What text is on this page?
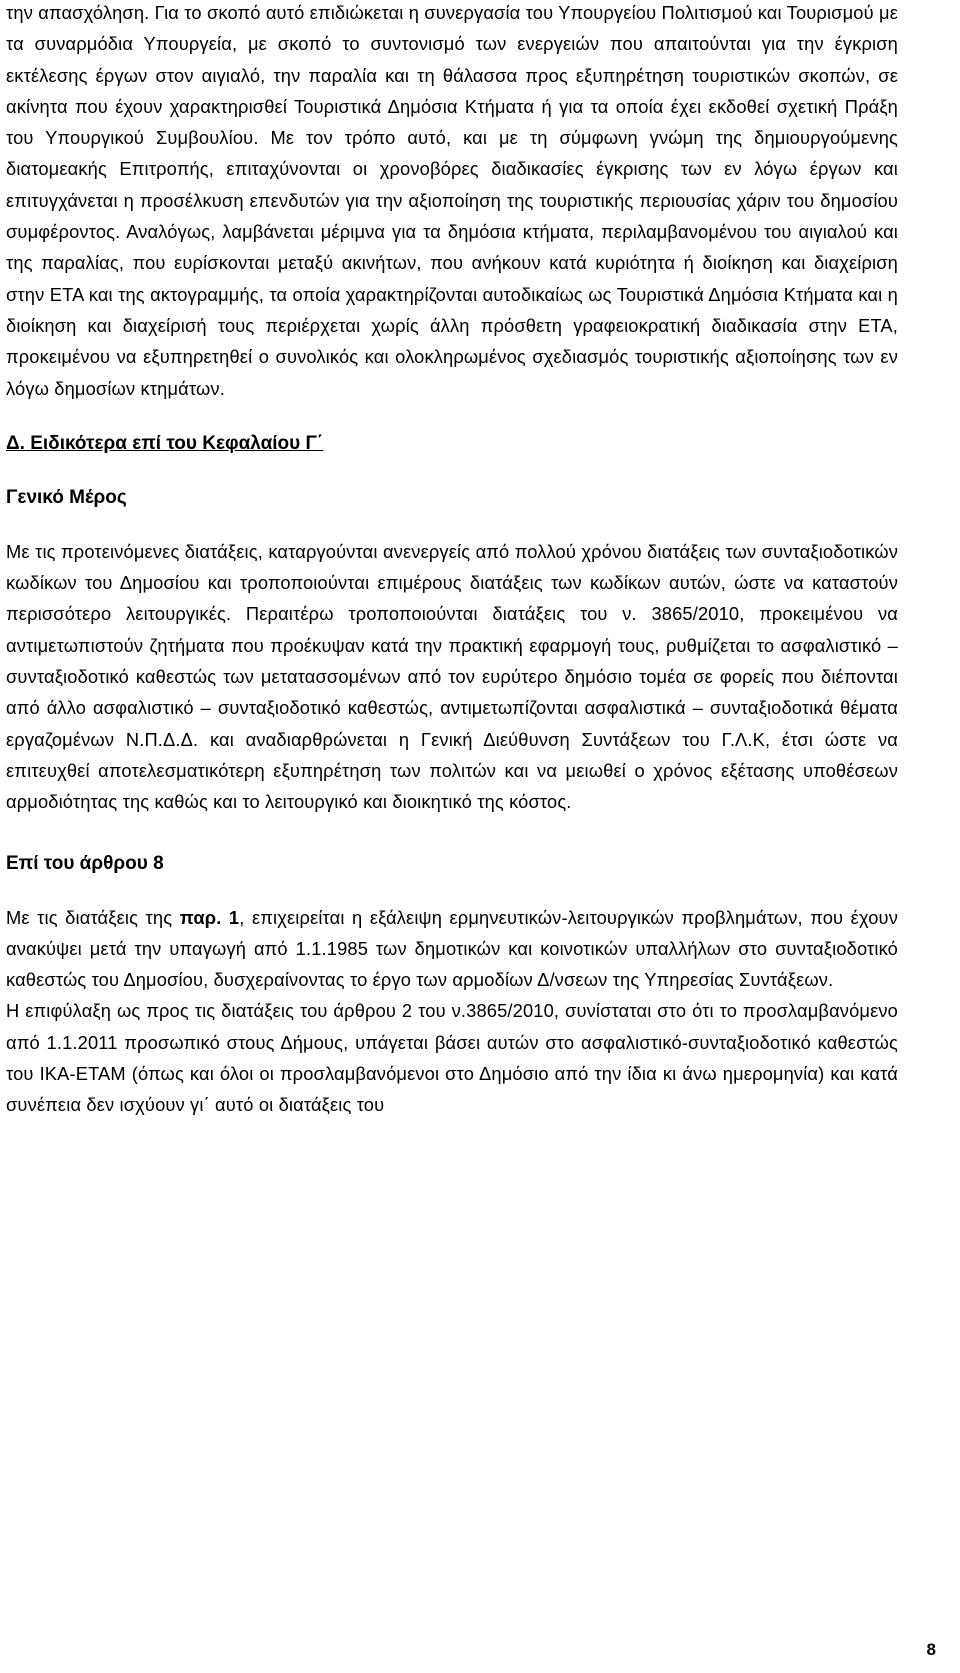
την απασχόληση. Για το σκοπό αυτό επιδιώκεται η συνεργασία του Υπουργείου Πολιτισμού και Τουρισμού με τα συναρμόδια Υπουργεία, με σκοπό το συντονισμό των ενεργειών που απαιτούνται για την έγκριση εκτέλεσης έργων στον αιγιαλό, την παραλία και τη θάλασσα προς εξυπηρέτηση τουριστικών σκοπών, σε ακίνητα που έχουν χαρακτηρισθεί Τουριστικά Δημόσια Κτήματα ή για τα οποία έχει εκδοθεί σχετική Πράξη του Υπουργικού Συμβουλίου. Με τον τρόπο αυτό, και με τη σύμφωνη γνώμη της δημιουργούμενης διατομεακής Επιτροπής, επιταχύνονται οι χρονοβόρες διαδικασίες έγκρισης των εν λόγω έργων και επιτυγχάνεται η προσέλκυση επενδυτών για την αξιοποίηση της τουριστικής περιουσίας χάριν του δημοσίου συμφέροντος. Αναλόγως, λαμβάνεται μέριμνα για τα δημόσια κτήματα, περιλαμβανομένου του αιγιαλού και της παραλίας, που ευρίσκονται μεταξύ ακινήτων, που ανήκουν κατά κυριότητα ή διοίκηση και διαχείριση στην ΕΤΑ και της ακτογραμμής, τα οποία χαρακτηρίζονται αυτοδικαίως ως Τουριστικά Δημόσια Κτήματα και η διοίκηση και διαχείρισή τους περιέρχεται χωρίς άλλη πρόσθετη γραφειοκρατική διαδικασία στην ΕΤΑ, προκειμένου να εξυπηρετηθεί ο συνολικός και ολοκληρωμένος σχεδιασμός τουριστικής αξιοποίησης των εν λόγω δημοσίων κτημάτων.

Δ. Ειδικότερα επί του Κεφαλαίου Γ΄
Γενικό Μέρος

Με τις προτεινόμενες διατάξεις, καταργούνται ανενεργείς από πολλού χρόνου διατάξεις των συνταξιοδοτικών κωδίκων του Δημοσίου και τροποποιούνται επιμέρους διατάξεις των κωδίκων αυτών, ώστε να καταστούν περισσότερο λειτουργικές. Περαιτέρω τροποποιούνται διατάξεις του ν. 3865/2010, προκειμένου να αντιμετωπιστούν ζητήματα που προέκυψαν κατά την πρακτική εφαρμογή τους, ρυθμίζεται το ασφαλιστικό – συνταξιοδοτικό καθεστώς των μετατασσομένων από τον ευρύτερο δημόσιο τομέα σε φορείς που διέπονται από άλλο ασφαλιστικό – συνταξιοδοτικό καθεστώς, αντιμετωπίζονται ασφαλιστικά – συνταξιοδοτικά θέματα εργαζομένων Ν.Π.Δ.Δ. και αναδιαρθρώνεται η Γενική Διεύθυνση Συντάξεων του Γ.Λ.Κ, έτσι ώστε να επιτευχθεί αποτελεσματικότερη εξυπηρέτηση των πολιτών και να μειωθεί ο χρόνος εξέτασης υποθέσεων αρμοδιότητας της καθώς και το λειτουργικό και διοικητικό της κόστος.

Επί του άρθρου 8

Με τις διατάξεις της παρ. 1, επιχειρείται η εξάλειψη ερμηνευτικών-λειτουργικών προβλημάτων, που έχουν ανακύψει μετά την υπαγωγή από 1.1.1985 των δημοτικών και κοινοτικών υπαλλήλων στο συνταξιοδοτικό καθεστώς του Δημοσίου, δυσχεραίνοντας το έργο των αρμοδίων Δ/νσεων της Υπηρεσίας Συντάξεων.

Η επιφύλαξη ως προς τις διατάξεις του άρθρου 2 του ν.3865/2010, συνίσταται στο ότι το προσλαμβανόμενο από 1.1.2011 προσωπικό στους Δήμους, υπάγεται βάσει αυτών στο ασφαλιστικό-συνταξιοδοτικό καθεστώς του ΙΚΑ-ΕΤΑΜ (όπως και όλοι οι προσλαμβανόμενοι στο Δημόσιο από την ίδια κι άνω ημερομηνία) και κατά συνέπεια δεν ισχύουν γι΄ αυτό οι διατάξεις του

8
